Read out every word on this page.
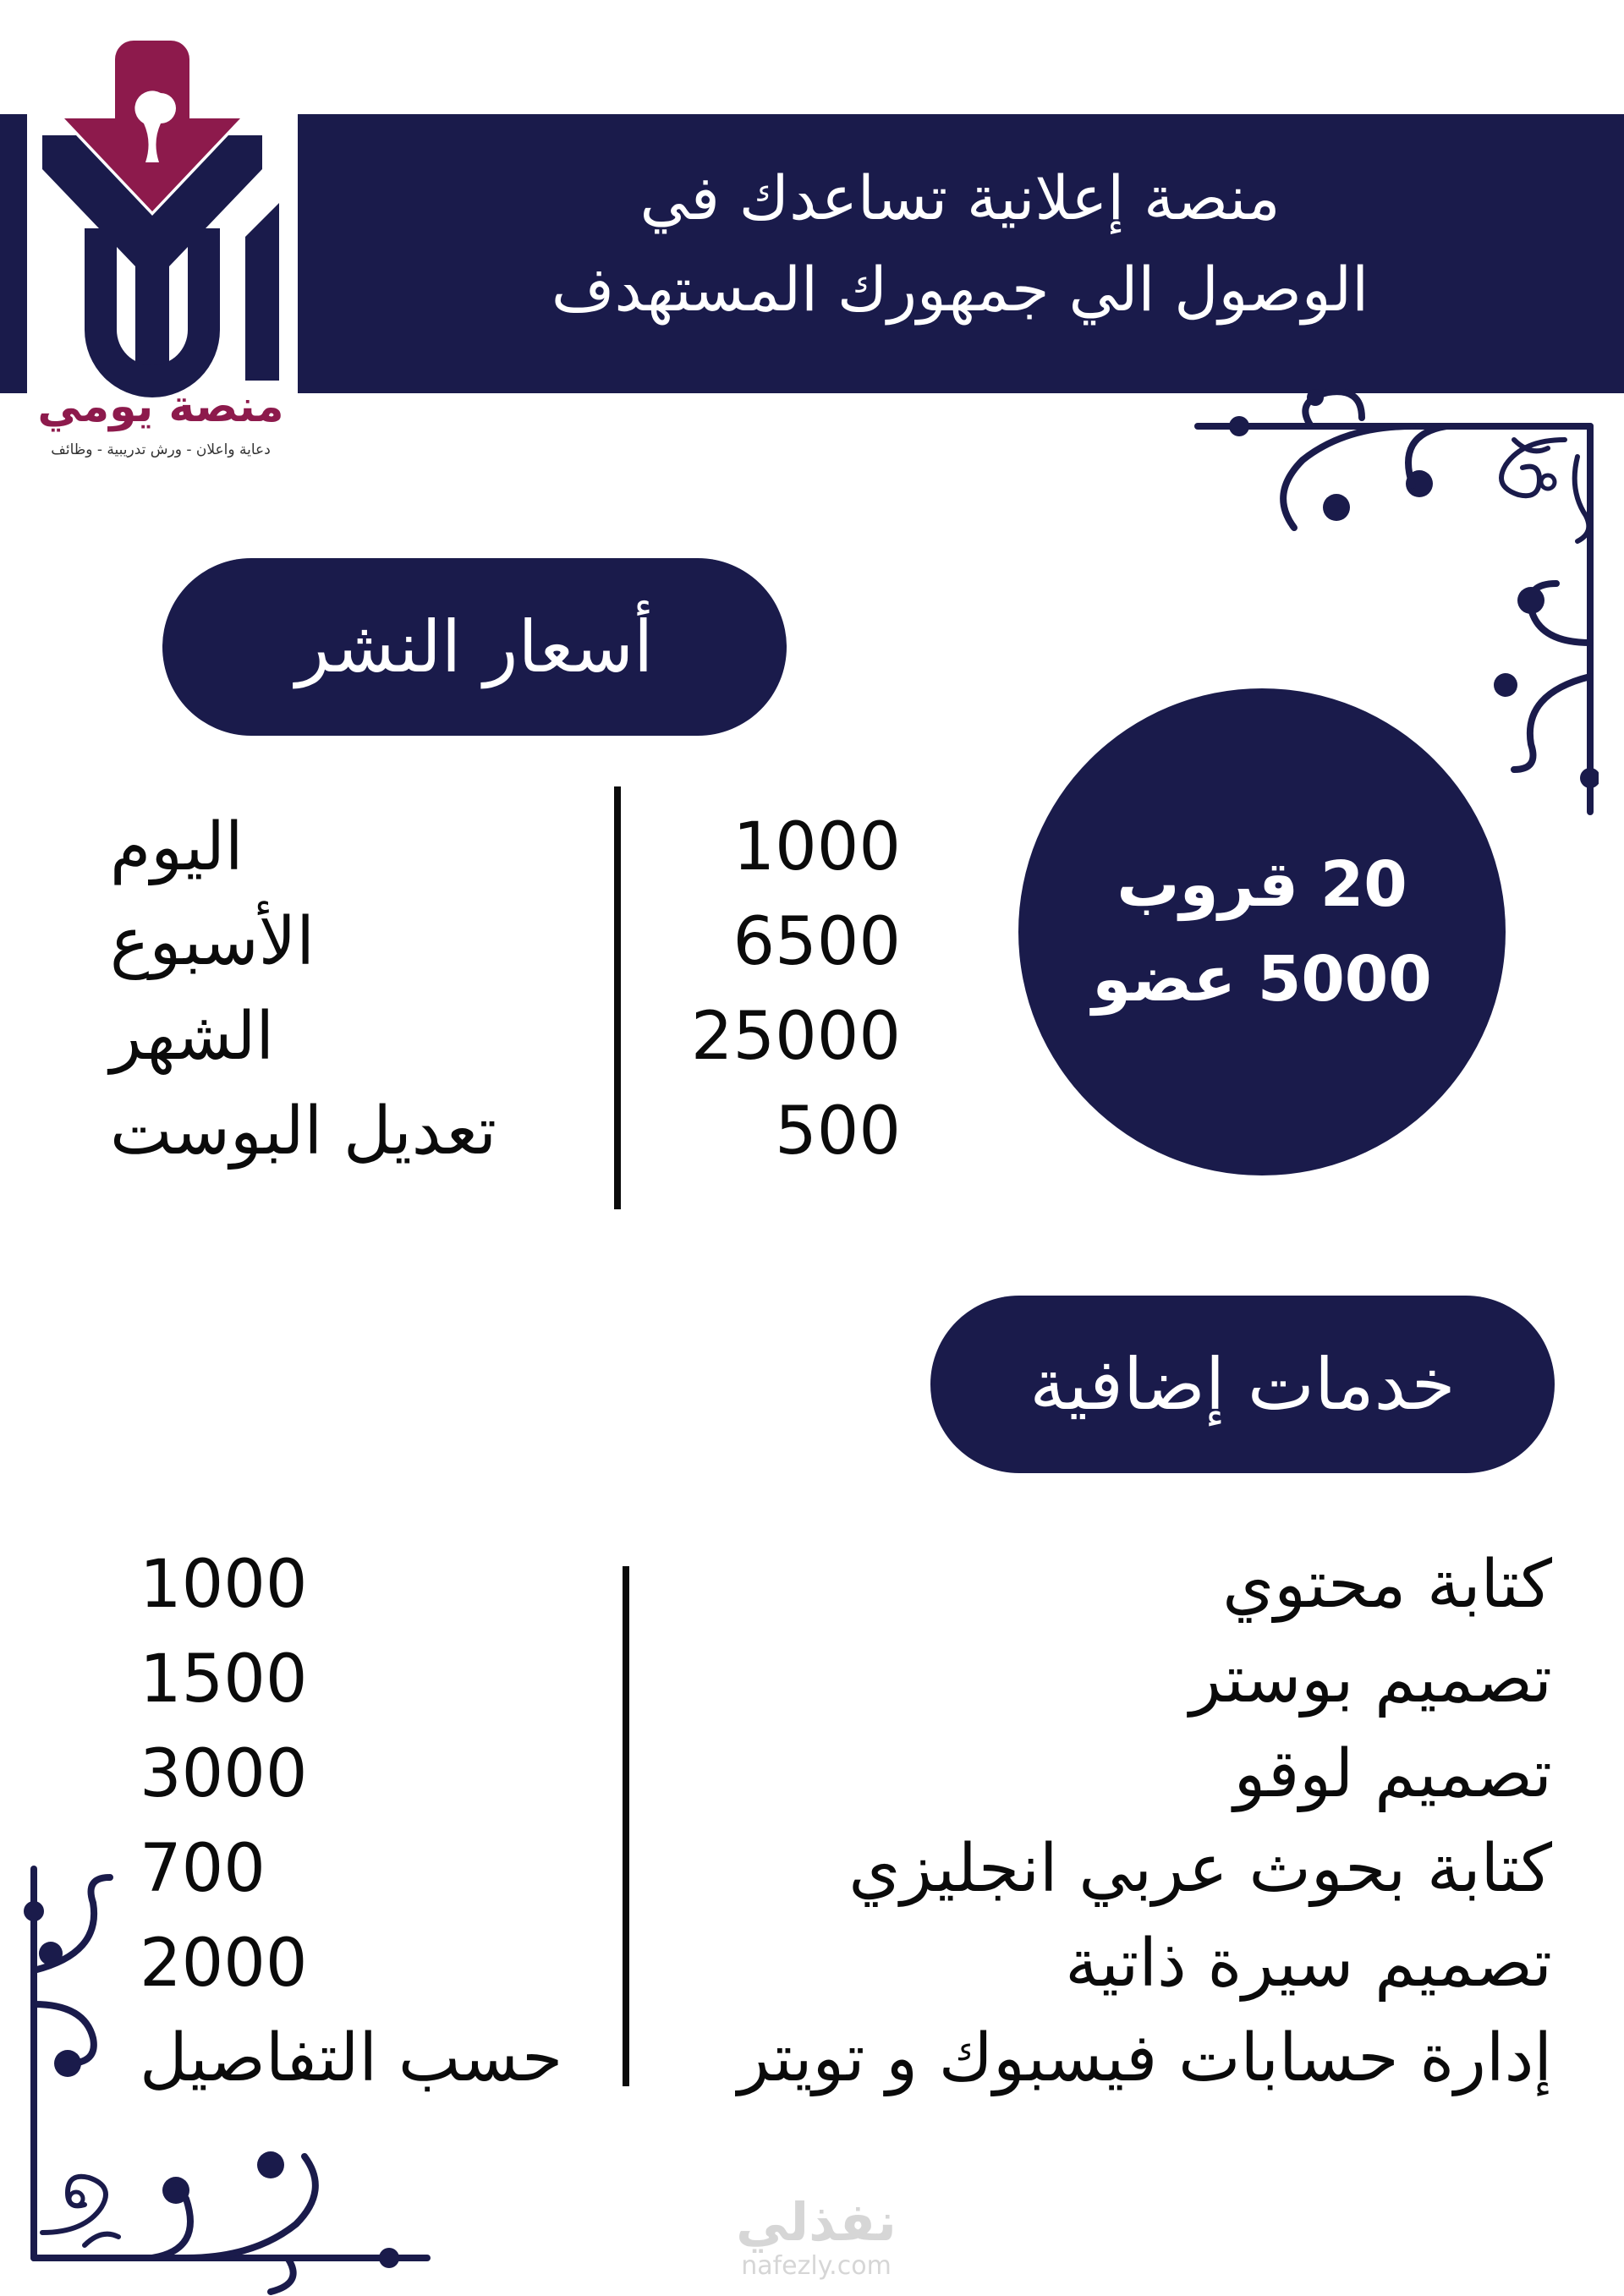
منصة يومي
دعاية واعلان - ورش تدريبية - وظائف
منصة إعلانية تساعدك في
الوصول الي جمهورك المستهدف
أسعار النشر
20 قروب
5000 عضو
اليوم
الأسبوع
الشهر
تعديل البوست
1000
6500
25000
500
خدمات إضافية
1000
1500
3000
700
2000
حسب التفاصيل
كتابة محتوي
تصميم بوستر
تصميم لوقو
كتابة بحوث عربي انجليزي
تصميم سيرة ذاتية
إدارة حسابات فيسبوك و تويتر
نفذلي
nafezly.com
